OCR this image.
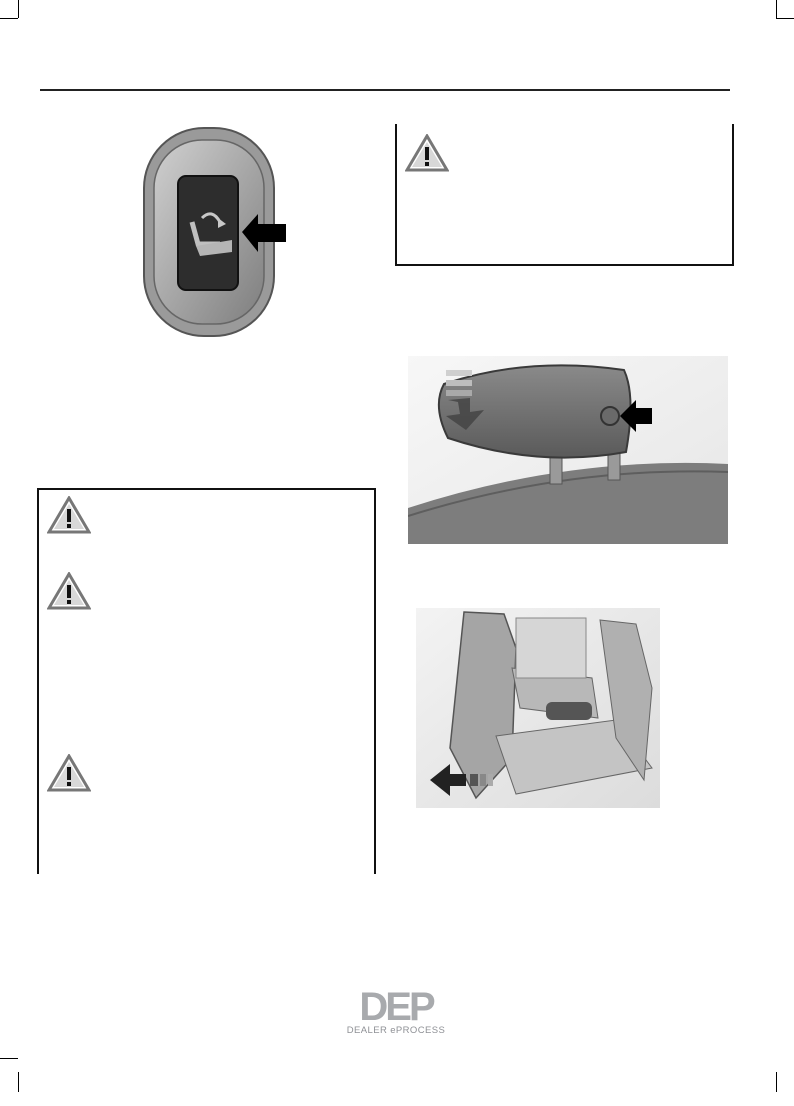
DEP
DEALER ePROCESS
